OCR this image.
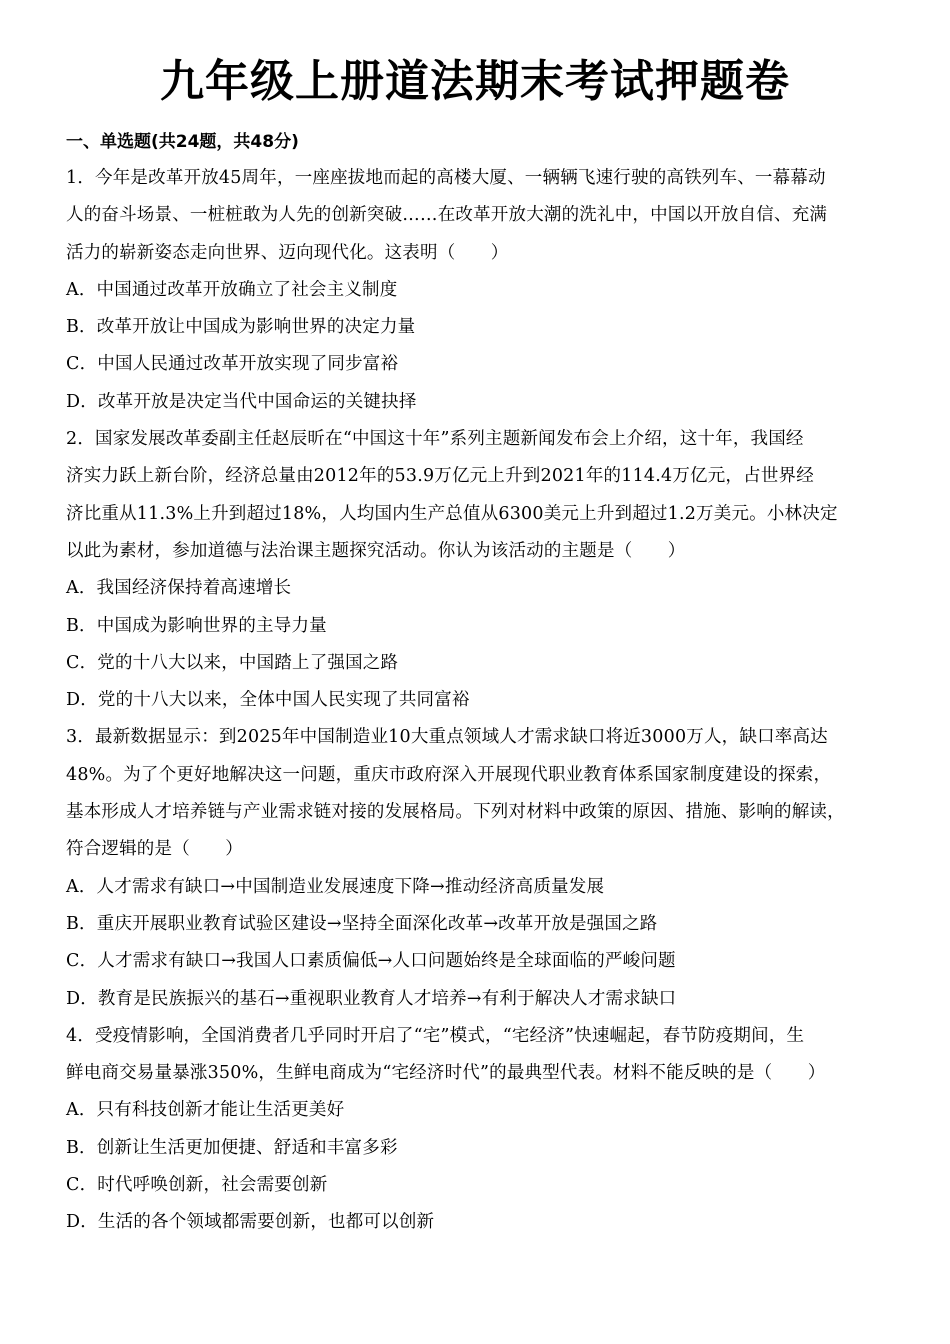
九年级上册道法期末考试押题卷
一、单选题(共24题，共48分)
1．今年是改革开放45周年，一座座拔地而起的高楼大厦、一辆辆飞速行驶的高铁列车、一幕幕动
人的奋斗场景、一桩桩敢为人先的创新突破……在改革开放大潮的洗礼中，中国以开放自信、充满
活力的崭新姿态走向世界、迈向现代化。这表明（　　）
A．中国通过改革开放确立了社会主义制度
B．改革开放让中国成为影响世界的决定力量
C．中国人民通过改革开放实现了同步富裕
D．改革开放是决定当代中国命运的关键抉择
2．国家发展改革委副主任赵辰昕在“中国这十年”系列主题新闻发布会上介绍，这十年，我国经
济实力跃上新台阶，经济总量由2012年的53.9万亿元上升到2021年的114.4万亿元，占世界经
济比重从11.3%上升到超过18%，人均国内生产总值从6300美元上升到超过1.2万美元。小林决定
以此为素材，参加道德与法治课主题探究活动。你认为该活动的主题是（　　）
A．我国经济保持着高速增长
B．中国成为影响世界的主导力量
C．党的十八大以来，中国踏上了强国之路
D．党的十八大以来，全体中国人民实现了共同富裕
3．最新数据显示：到2025年中国制造业10大重点领域人才需求缺口将近3000万人，缺口率高达
48%。为了个更好地解决这一问题，重庆市政府深入开展现代职业教育体系国家制度建设的探索，
基本形成人才培养链与产业需求链对接的发展格局。下列对材料中政策的原因、措施、影响的解读，
符合逻辑的是（　　）
A．人才需求有缺口→中国制造业发展速度下降→推动经济高质量发展
B．重庆开展职业教育试验区建设→坚持全面深化改革→改革开放是强国之路
C．人才需求有缺口→我国人口素质偏低→人口问题始终是全球面临的严峻问题
D．教育是民族振兴的基石→重视职业教育人才培养→有利于解决人才需求缺口
4．受疫情影响，全国消费者几乎同时开启了“宅”模式，“宅经济”快速崛起，春节防疫期间，生
鲜电商交易量暴涨350%，生鲜电商成为“宅经济时代”的最典型代表。材料不能反映的是（　　）
A．只有科技创新才能让生活更美好
B．创新让生活更加便捷、舒适和丰富多彩
C．时代呼唤创新，社会需要创新
D．生活的各个领域都需要创新，也都可以创新
